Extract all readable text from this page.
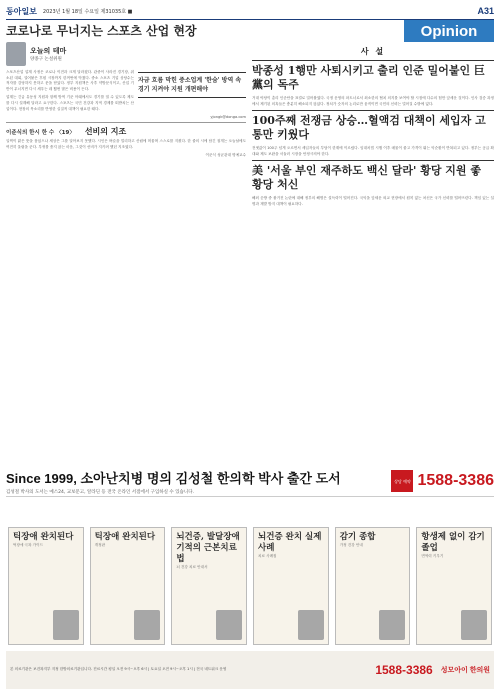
동아일보 2023년 1월 18일 수요일 제31035호 ■	A31
Opinion
코로나로 무너지는 스포츠 산업 현장
오늘의 테마
양종구 논설위원
자금 흐름 막힌 중소업계 '한숨' 방역 속 경기 지켜야 지원 개편해야

스포츠산업 업계 사정은 코로나 이전과 크게 달라졌다. 관중이 사라진 경기장, 취소된 대회, 얼어붙은 후원 시장까지 한꺼번에 닥쳤다. 중소 스포츠 기업 상당수는 적자를 감당하지 못하고 문을 닫았다. 정부 지원책은 사후 약방문식이고, 산업 기반이 무너지면 다시 세우는 데 훨씬 많은 비용이 든다.

업계는 긴급 유동성 지원과 함께 방역 기준 아래에서도 경기를 열 수 있도록 제도를 다시 설계해 달라고 요구한다. 스포츠는 국민 건강과 지역 경제를 떠받치는 산업이다. 현장의 목소리를 반영한 실질적 대책이 필요한 때다.

yjongk@donga.com

이준식의 한시 한 수 〈19〉 선비의 지조

일찍이 맑은 뜻을 품었으나 세상은 그를 알아보지 못했다. 시인은 벼슬을 멀리하고 산림에 머물며 스스로를 지켰다. 한 줄의 시에 담긴 절개는 오늘날에도 여전히 울림을 준다. 부귀를 좇지 않는 마음, 그것이 선비가 지키려 했던 지조였다.

이준식 성균관대 명예교수

사 설
박종성 1행만 사퇴시키고 출리 인준 밀어붙인 巨黨의 독주

거대 야당이 총리 인준안을 표결로 밀어붙였다. 국정 운영의 파트너로서 최소한의 협치 의지를 보여야 할 시점에 다수의 힘만 앞세운 것이다. 인사 검증 과정에서 제기된 의혹들은 충분히 해소되지 않았다. 정치가 숫자의 논리로만 움직이면 국민의 신뢰는 멀어질 수밖에 없다.

100주째 전쟁금 상승…혈액검 대책이 세입자 고통만 키웠다

전셋값이 100주 넘게 오르면서 세입자들의 부담이 한계에 이르렀다. 임대차법 시행 이후 매물이 줄고 가격이 뛰는 악순환이 반복되고 있다. 정부는 공급 확대와 제도 보완을 서둘러 시장을 안정시켜야 한다.

美 '서울 부인 재주하도 백신 달라' 황당 지원 좋 황당 처신

해외 순방 중 불거진 논란에 대해 정부의 해명은 설득력이 떨어진다. 국익을 앞세운 외교 현장에서 원칙 없는 처신은 국가 신뢰를 떨어뜨린다. 책임 있는 설명과 재발 방지 대책이 필요하다.

Since 1999, 소아난치병 명의 김성철 한의학 박사 출간 도서
김성철 박사의 도서는 예스24, 교보문고, 알라딘 등 전국 온라인 서점에서 구입하실 수 있습니다.
상담 예약 1588-3386
틱장애 완치된다
틱장애 극복 가이드
틱장애 완치된다
개정판
뇌건증, 발달장애 기적의 근본치료법
뇌 건강 치료 안내서
뇌건증 완치 실제 사례
치료 사례집
감기 종합
가정 건강 안내
항생제 없이 감기졸업
면역력 키우기
본 의료기관은 보건복지부 지정 한방의료기관입니다. 진료시간 평일 오전 9시~오후 6시 | 토요일 오전 9시~오후 1시 | 전국 네트워크 운영	1588-3386 성모아이 한의원
